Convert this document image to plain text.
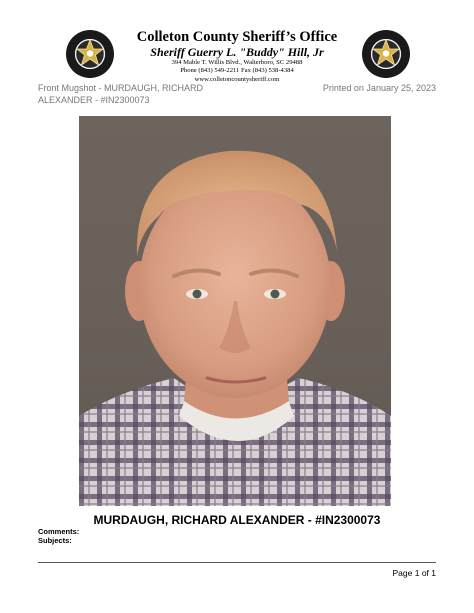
Colleton County Sheriff’s Office
Sheriff Guerry L. "Buddy" Hill, Jr
394 Mable T. Willis Blvd., Walterboro, SC 29488
Phone (843) 549-2211 Fax (843) 538-4384
www.colletoncountysheriff.com
Front Mugshot - MURDAUGH, RICHARD ALEXANDER - #IN2300073
Printed on January 25, 2023
MURDAUGH, RICHARD ALEXANDER - #IN2300073
Comments:
Subjects:
Page 1 of 1
